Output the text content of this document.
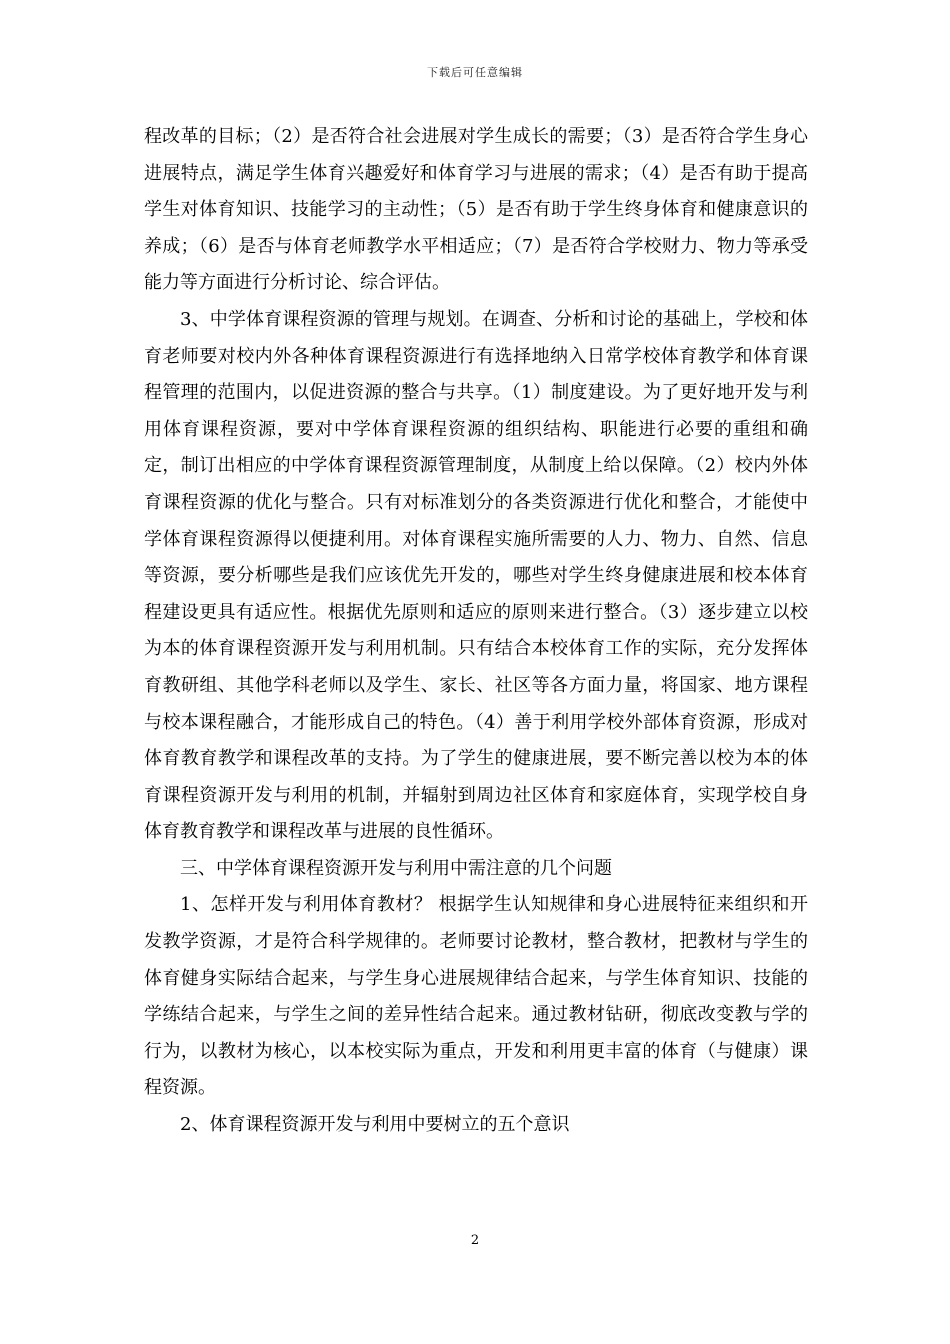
下载后可任意编辑

程改革的目标；（2）是否符合社会进展对学生成长的需要；（3）是否符合学生身心进展特点，满足学生体育兴趣爱好和体育学习与进展的需求；（4）是否有助于提高学生对体育知识、技能学习的主动性；（5）是否有助于学生终身体育和健康意识的养成；（6）是否与体育老师教学水平相适应；（7）是否符合学校财力、物力等承受能力等方面进行分析讨论、综合评估。

3、中学体育课程资源的管理与规划。在调查、分析和讨论的基础上，学校和体育老师要对校内外各种体育课程资源进行有选择地纳入日常学校体育教学和体育课程管理的范围内，以促进资源的整合与共享。（1）制度建设。为了更好地开发与利用体育课程资源，要对中学体育课程资源的组织结构、职能进行必要的重组和确定，制订出相应的中学体育课程资源管理制度，从制度上给以保障。（2）校内外体育课程资源的优化与整合。只有对标准划分的各类资源进行优化和整合，才能使中学体育课程资源得以便捷利用。对体育课程实施所需要的人力、物力、自然、信息等资源，要分析哪些是我们应该优先开发的，哪些对学生终身健康进展和校本体育程建设更具有适应性。根据优先原则和适应的原则来进行整合。（3）逐步建立以校为本的体育课程资源开发与利用机制。只有结合本校体育工作的实际，充分发挥体育教研组、其他学科老师以及学生、家长、社区等各方面力量，将国家、地方课程与校本课程融合，才能形成自己的特色。（4）善于利用学校外部体育资源，形成对体育教育教学和课程改革的支持。为了学生的健康进展，要不断完善以校为本的体育课程资源开发与利用的机制，并辐射到周边社区体育和家庭体育，实现学校自身体育教育教学和课程改革与进展的良性循环。

三、中学体育课程资源开发与利用中需注意的几个问题

1、怎样开发与利用体育教材？ 根据学生认知规律和身心进展特征来组织和开发教学资源，才是符合科学规律的。老师要讨论教材，整合教材，把教材与学生的体育健身实际结合起来，与学生身心进展规律结合起来，与学生体育知识、技能的学练结合起来，与学生之间的差异性结合起来。通过教材钻研，彻底改变教与学的行为，以教材为核心，以本校实际为重点，开发和利用更丰富的体育（与健康）课程资源。

2、体育课程资源开发与利用中要树立的五个意识

2
